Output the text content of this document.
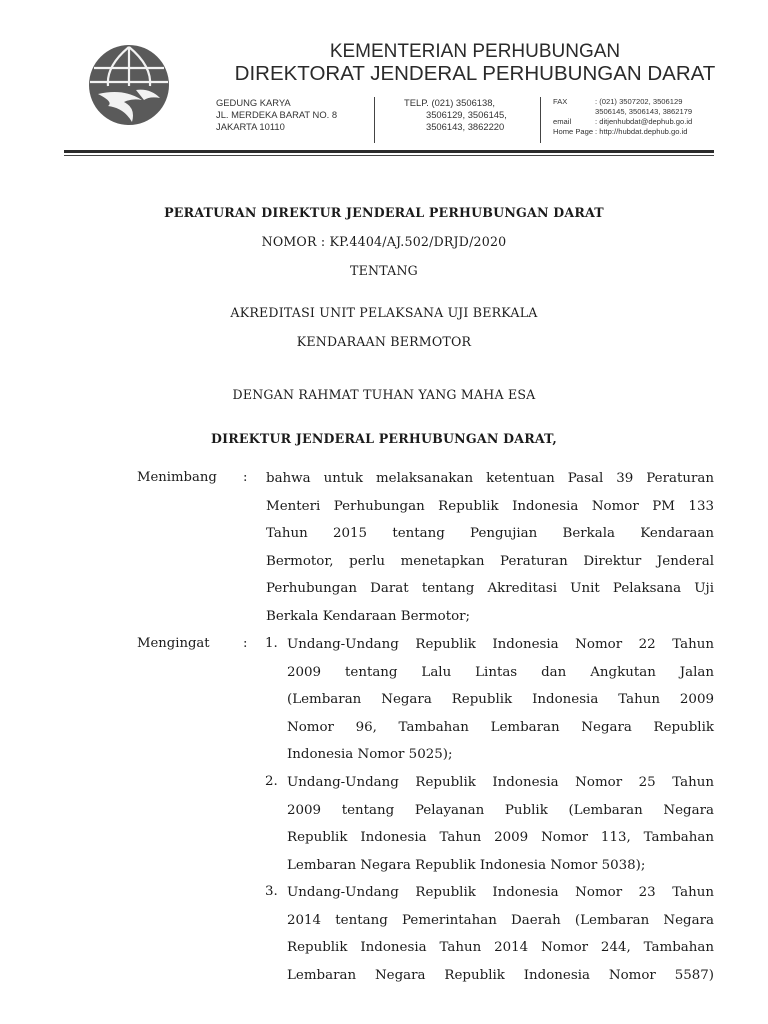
KEMENTERIAN PERHUBUNGAN
DIREKTORAT JENDERAL PERHUBUNGAN DARAT
GEDUNG KARYA
JL. MERDEKA BARAT NO. 8
JAKARTA 10110
TELP. (021) 3506138,
3506129, 3506145,
3506143, 3862220
FAX	: (021) 3507202, 3506129
3506145, 3506143, 3862179
email	: ditjenhubdat@dephub.go.id
Home Page : http://hubdat.dephub.go.id
PERATURAN DIREKTUR JENDERAL PERHUBUNGAN DARAT
NOMOR : KP.4404/AJ.502/DRJD/2020
TENTANG
AKREDITASI UNIT PELAKSANA UJI BERKALA
KENDARAAN BERMOTOR
DENGAN RAHMAT TUHAN YANG MAHA ESA
DIREKTUR JENDERAL PERHUBUNGAN DARAT,
Menimbang : bahwa untuk melaksanakan ketentuan Pasal 39 Peraturan
Menteri Perhubungan Republik Indonesia Nomor PM 133
Tahun 2015 tentang Pengujian Berkala Kendaraan
Bermotor, perlu menetapkan Peraturan Direktur Jenderal
Perhubungan Darat tentang Akreditasi Unit Pelaksana Uji
Berkala Kendaraan Bermotor;
Mengingat	: 1. Undang-Undang Republik Indonesia Nomor 22 Tahun
2009 tentang Lalu Lintas dan Angkutan Jalan
(Lembaran Negara Republik Indonesia Tahun 2009
Nomor 96, Tambahan Lembaran Negara Republik
Indonesia Nomor 5025);
2. Undang-Undang Republik Indonesia Nomor 25 Tahun
2009 tentang Pelayanan Publik (Lembaran Negara
Republik Indonesia Tahun 2009 Nomor 113, Tambahan
Lembaran Negara Republik Indonesia Nomor 5038);
3. Undang-Undang Republik Indonesia Nomor 23 Tahun
2014 tentang Pemerintahan Daerah (Lembaran Negara
Republik Indonesia Tahun 2014 Nomor 244, Tambahan
Lembaran Negara Republik Indonesia Nomor 5587)
